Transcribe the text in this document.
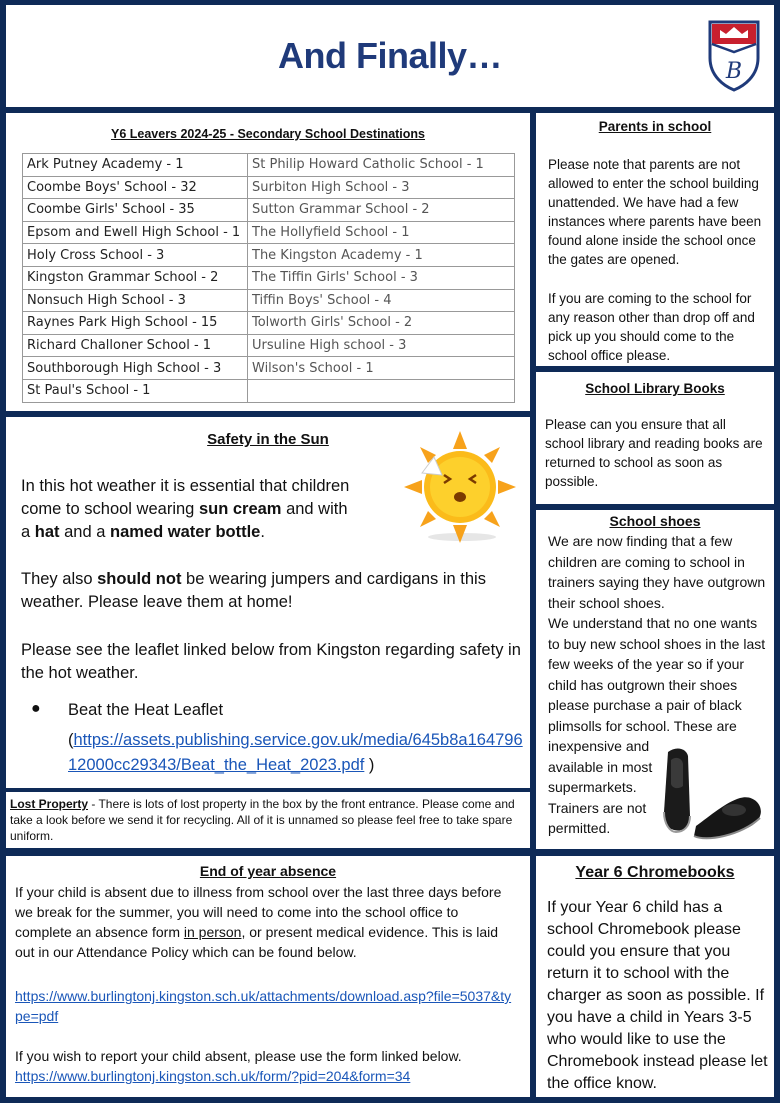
And Finally…	B
Y6 Leavers 2024-25 - Secondary School Destinations
Ark Putney Academy - 1	St Philip Howard Catholic School - 1
Coombe Boys' School - 32	Surbiton High School - 3
Coombe Girls' School - 35	Sutton Grammar School - 2
Epsom and Ewell High School - 1	The Hollyfield School - 1
Holy Cross School - 3	The Kingston Academy - 1
Kingston Grammar School - 2	The Tiffin Girls' School - 3
Nonsuch High School - 3	Tiffin Boys' School - 4
Raynes Park High School - 15	Tolworth Girls' School - 2
Richard Challoner School - 1	Ursuline High school - 3
Southborough High School - 3	Wilson's School - 1
St Paul's School - 1	
Safety in the Sun

In this hot weather it is essential that children come to school wearing sun cream and with a hat and a named water bottle.

They also should not be wearing jumpers and cardigans in this weather. Please leave them at home!

Please see the leaflet linked below from Kingston regarding safety in the hot weather.

● Beat the Heat Leaflet
(https://assets.publishing.service.gov.uk/media/645b8a16479612000cc29343/Beat_the_Heat_2023.pdf )

Lost Property - There is lots of lost property in the box by the front entrance. Please come and take a look before we send it for recycling. All of it is unnamed so please feel free to take spare uniform.

End of year absence

If your child is absent due to illness from school over the last three days before we break for the summer, you will need to come into the school office to complete an absence form in person, or present medical evidence. This is laid out in our Attendance Policy which can be found below.

https://www.burlingtonj.kingston.sch.uk/attachments/download.asp?file=5037&type=pdf

If you wish to report your child absent, please use the form linked below.

https://www.burlingtonj.kingston.sch.uk/form/?pid=204&form=34

Parents in school

Please note that parents are not allowed to enter the school building unattended. We have had a few instances where parents have been found alone inside the school once the gates are opened.

If you are coming to the school for any reason other than drop off and pick up you should come to the school office please.

School Library Books

Please can you ensure that all school library and reading books are returned to school as soon as possible.

School shoes

We are now finding that a few
children are coming to school in
trainers saying they have outgrown
their school shoes.
We understand that no one wants
to buy new school shoes in the last
few weeks of the year so if your
child has outgrown their shoes
please purchase a pair of black
plimsolls for school. These are
inexpensive and
available in most
supermarkets.
Trainers are not
permitted.

Year 6 Chromebooks

If your Year 6 child has a school Chromebook please could you ensure that you return it to school with the charger as soon as possible. If you have a child in Years 3-5 who would like to use the Chromebook instead please let the office know.
